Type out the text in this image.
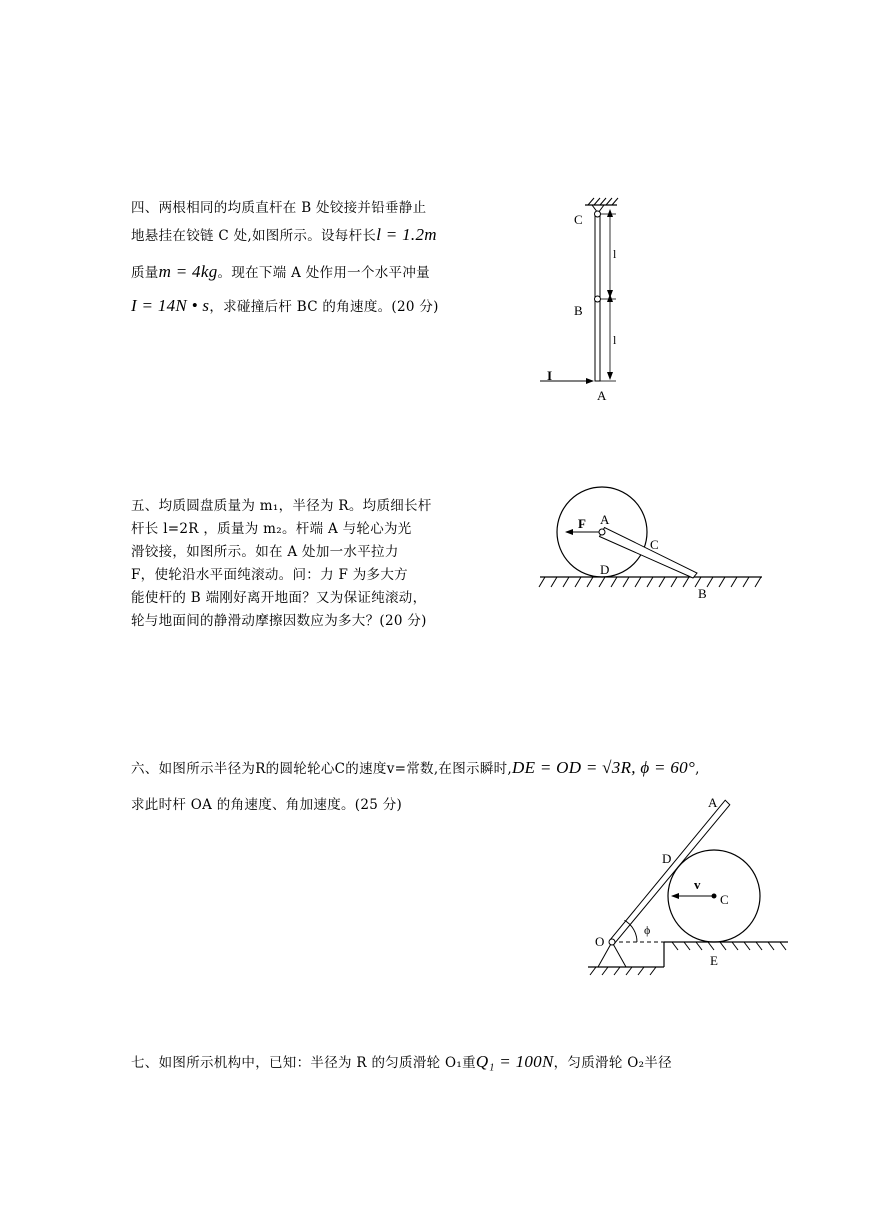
四、两根相同的均质直杆在 B 处铰接并铅垂静止
地悬挂在铰链 C 处,如图所示。设每杆长l = 1.2m
质量m = 4kg。现在下端 A 处作用一个水平冲量
I = 14N • s，求碰撞后杆 BC 的角速度。(20 分)
五、均质圆盘质量为 m₁，半径为 R。均质细长杆
杆长 l=2R ，质量为 m₂。杆端 A 与轮心为光
滑铰接，如图所示。如在 A 处加一水平拉力
F，使轮沿水平面纯滚动。问：力 F 为多大方
能使杆的 B 端刚好离开地面？又为保证纯滚动，
轮与地面间的静滑动摩擦因数应为多大？(20 分)
六、如图所示半径为R的圆轮轮心C的速度v=常数,在图示瞬时,DE = OD = √3R, ϕ = 60°,
求此时杆 OA 的角速度、角加速度。(25 分)
七、如图所示机构中，已知：半径为 R 的匀质滑轮 O₁重Q₁ = 100N，匀质滑轮 O₂半径
C
B
A
I
l
l
F A
C
D
B
A
D
v
C
ϕ
O
E
